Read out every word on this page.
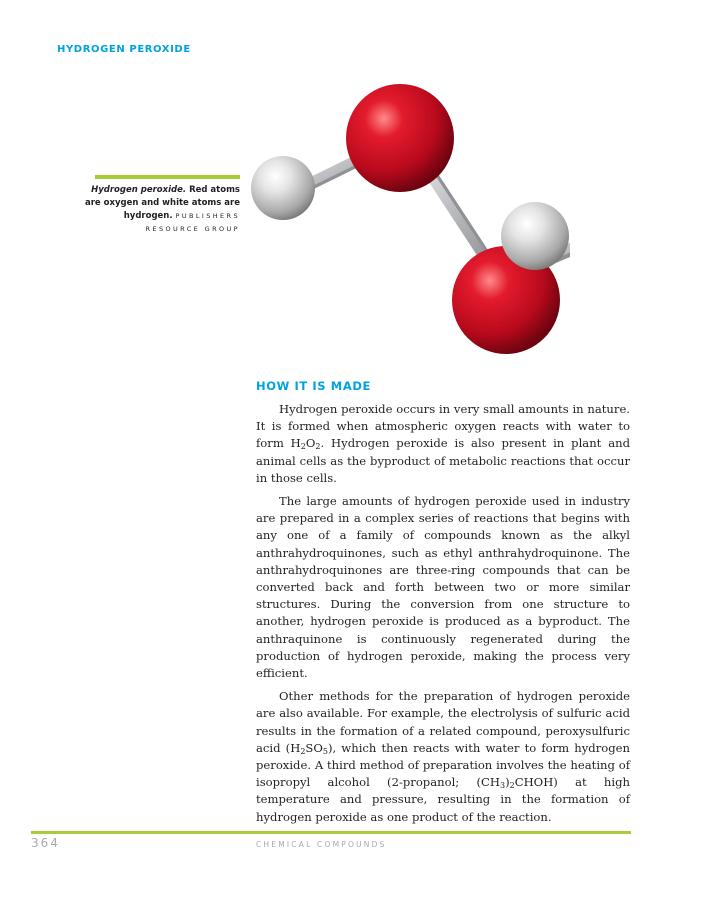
HYDROGEN PEROXIDE
Hydrogen peroxide. Red atoms are oxygen and white atoms are hydrogen. PUBLISHERS RESOURCE GROUP
HOW IT IS MADE

Hydrogen peroxide occurs in very small amounts in nature. It is formed when atmospheric oxygen reacts with water to form $H_2O_2$. Hydrogen peroxide is also present in plant and animal cells as the byproduct of metabolic reactions that occur in those cells.

The large amounts of hydrogen peroxide used in industry are prepared in a complex series of reactions that begins with any one of a family of compounds known as the alkyl anthrahydroquinones, such as ethyl anthrahydroquinone. The anthrahydroquinones are three-ring compounds that can be converted back and forth between two or more similar structures. During the conversion from one structure to another, hydrogen peroxide is produced as a byproduct. The anthraquinone is continuously regenerated during the production of hydrogen peroxide, making the process very efficient.

Other methods for the preparation of hydrogen peroxide are also available. For example, the electrolysis of sulfuric acid results in the formation of a related compound, peroxysulfuric acid $(H_2SO_5)$, which then reacts with water to form hydrogen peroxide. A third method of preparation involves the heating of isopropyl alcohol (2-propanol; $(CH_3)_2CHOH$) at high temperature and pressure, resulting in the formation of hydrogen peroxide as one product of the reaction.

364	CHEMICAL COMPOUNDS
